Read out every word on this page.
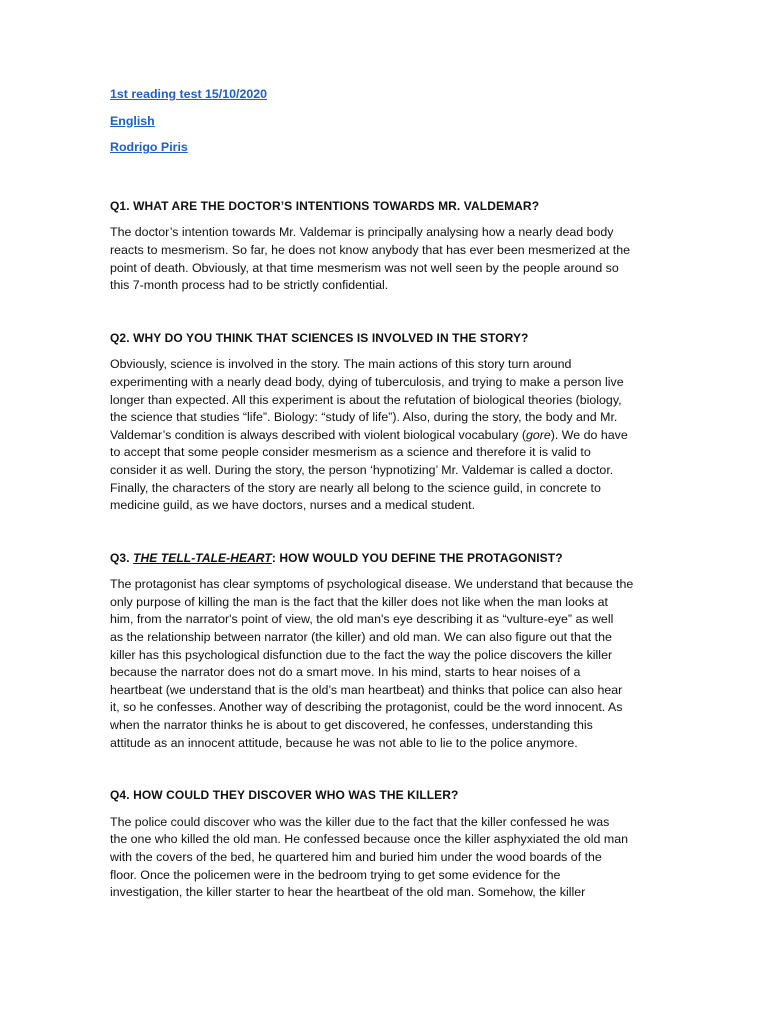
1st reading test 15/10/2020
English
Rodrigo Piris
Q1. WHAT ARE THE DOCTOR’S INTENTIONS TOWARDS MR. VALDEMAR?
The doctor’s intention towards Mr. Valdemar is principally analysing how a nearly dead body
reacts to mesmerism. So far, he does not know anybody that has ever been mesmerized at the
point of death. Obviously, at that time mesmerism was not well seen by the people around so
this 7-month process had to be strictly confidential.
Q2. WHY DO YOU THINK THAT SCIENCES IS INVOLVED IN THE STORY?
Obviously, science is involved in the story. The main actions of this story turn around
experimenting with a nearly dead body, dying of tuberculosis, and trying to make a person live
longer than expected. All this experiment is about the refutation of biological theories (biology,
the science that studies “life”. Biology: “study of life”). Also, during the story, the body and Mr.
Valdemar’s condition is always described with violent biological vocabulary (gore). We do have
to accept that some people consider mesmerism as a science and therefore it is valid to
consider it as well. During the story, the person ‘hypnotizing’ Mr. Valdemar is called a doctor.
Finally, the characters of the story are nearly all belong to the science guild, in concrete to
medicine guild, as we have doctors, nurses and a medical student.
Q3. THE TELL-TALE-HEART: HOW WOULD YOU DEFINE THE PROTAGONIST?
The protagonist has clear symptoms of psychological disease. We understand that because the
only purpose of killing the man is the fact that the killer does not like when the man looks at
him, from the narrator's point of view, the old man's eye describing it as “vulture-eye” as well
as the relationship between narrator (the killer) and old man. We can also figure out that the
killer has this psychological disfunction due to the fact the way the police discovers the killer
because the narrator does not do a smart move. In his mind, starts to hear noises of a
heartbeat (we understand that is the old’s man heartbeat) and thinks that police can also hear
it, so he confesses. Another way of describing the protagonist, could be the word innocent. As
when the narrator thinks he is about to get discovered, he confesses, understanding this
attitude as an innocent attitude, because he was not able to lie to the police anymore.
Q4. HOW COULD THEY DISCOVER WHO WAS THE KILLER?
The police could discover who was the killer due to the fact that the killer confessed he was
the one who killed the old man. He confessed because once the killer asphyxiated the old man
with the covers of the bed, he quartered him and buried him under the wood boards of the
floor. Once the policemen were in the bedroom trying to get some evidence for the
investigation, the killer starter to hear the heartbeat of the old man. Somehow, the killer
